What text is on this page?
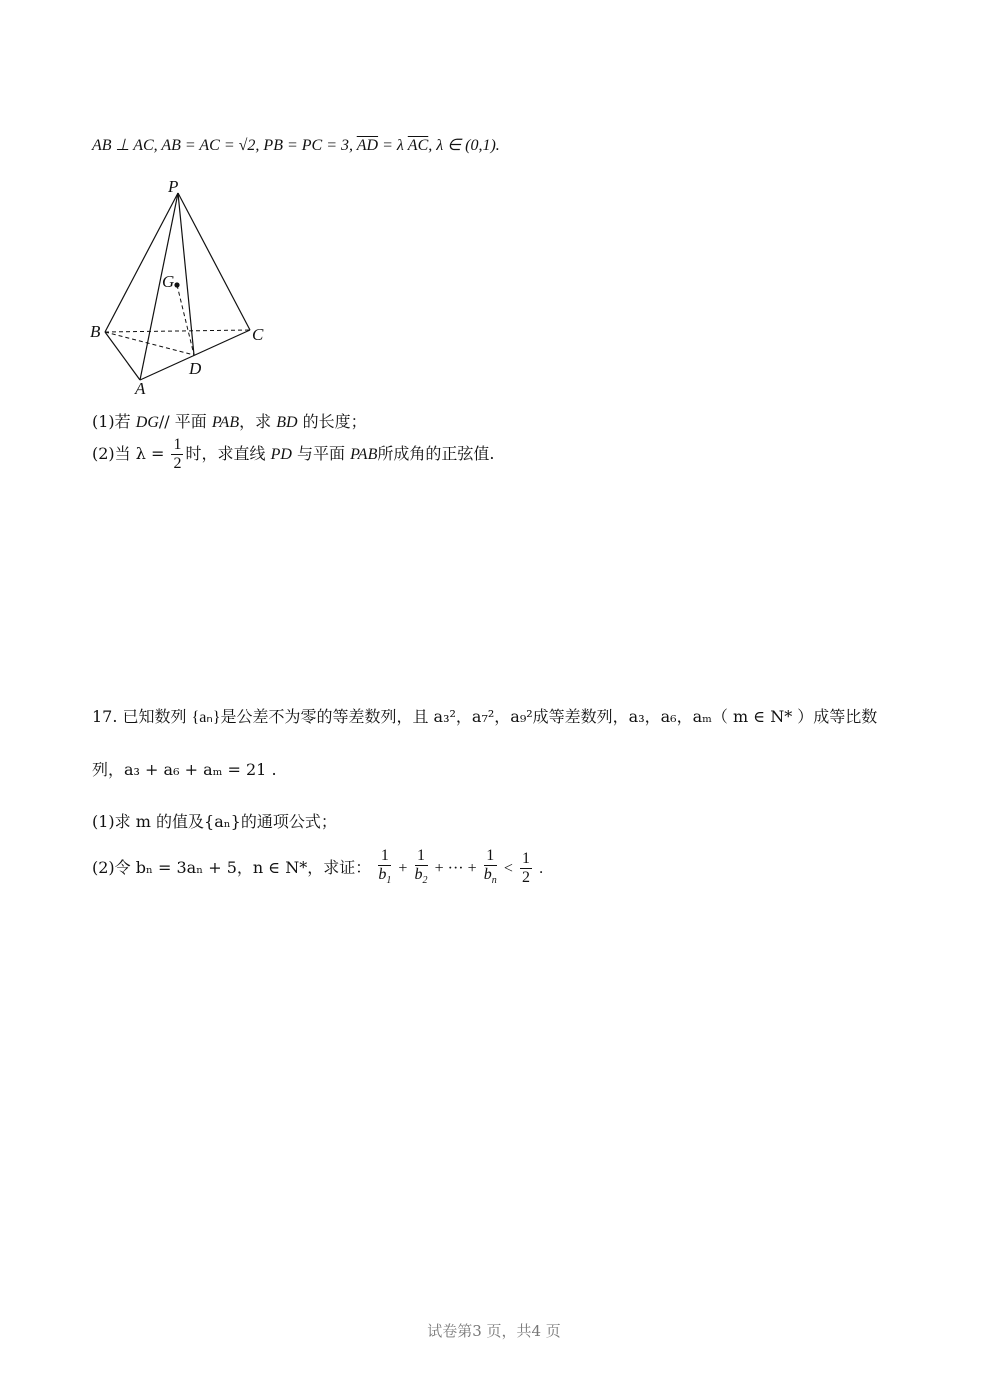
AB ⊥ AC, AB = AC = √2, PB = PC = 3, $\overline{AD} = \lambda$ $\overline{AC}$, λ ∈ (0,1).
P
G
B	C
D
A
(1)若 DG// 平面 PAB，求 BD 的长度；
(2)当 $\lambda = \frac{1}{2}$ 时，求直线 PD 与平面 PAB所成角的正弦值.
17. 已知数列 {aₙ}是公差不为零的等差数列，且 a₃²，a₇²，a₉²成等差数列，a₃，a₆，aₘ（ m ∈ N* ）成等比数
列，a₃ + a₆ + aₘ = 21 .
(1)求 m 的值及{aₙ}的通项公式；
(2)令 bₙ = 3aₙ + 5，n ∈ N*，求证： $\frac{1}{b_1} + \frac{1}{b_2}$ + ··· + $\frac{1}{b_n} < \frac{1}{2}$ .
试卷第3 页，共4 页
